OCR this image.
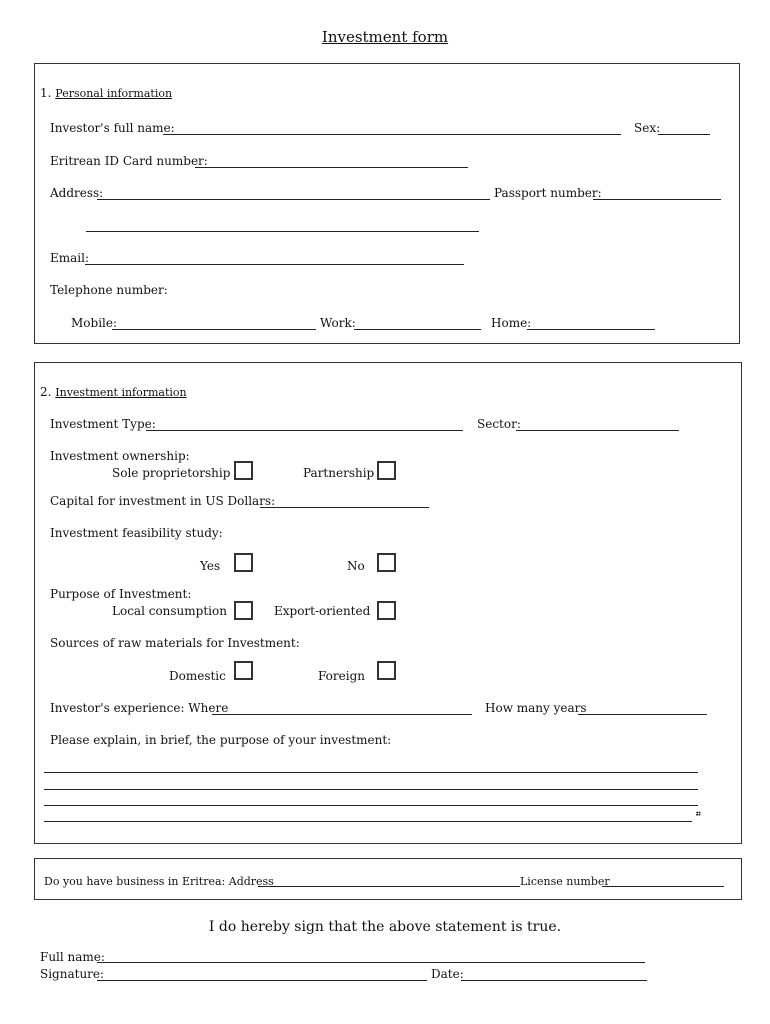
Investment form
1. Personal information
Investor's full name:	Sex:
Eritrean ID Card number:
Address:	Passport number:
Email:
Telephone number:
Mobile:	Work:	Home:
2. Investment information
Investment Type:	Sector:
Investment ownership:
Sole proprietorship	Partnership
Capital for investment in US Dollars:
Investment feasibility study:
Yes	No
Purpose of Investment:
Local consumption	Export-oriented
Sources of raw materials for Investment:
Domestic	Foreign
Investor's experience: Where	How many years
Please explain, in brief, the purpose of your investment:
።
Do you have business in Eritrea: Address	License number
I do hereby sign that the above statement is true.
Full name:
Signature:	Date:
